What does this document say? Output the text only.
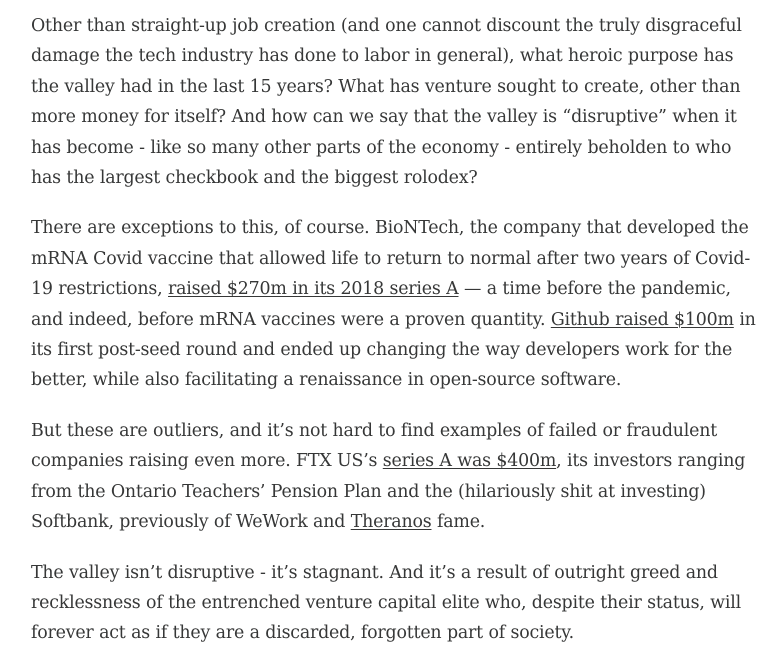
Other than straight-up job creation (and one cannot discount the truly disgraceful damage the tech industry has done to labor in general), what heroic purpose has the valley had in the last 15 years? What has venture sought to create, other than more money for itself? And how can we say that the valley is “disruptive” when it has become - like so many other parts of the economy - entirely beholden to who has the largest checkbook and the biggest rolodex?

There are exceptions to this, of course. BioNTech, the company that developed the mRNA Covid vaccine that allowed life to return to normal after two years of Covid-19 restrictions, raised $270m in its 2018 series A — a time before the pandemic, and indeed, before mRNA vaccines were a proven quantity. Github raised $100m in its first post-seed round and ended up changing the way developers work for the better, while also facilitating a renaissance in open-source software.

But these are outliers, and it’s not hard to find examples of failed or fraudulent companies raising even more. FTX US’s series A was $400m, its investors ranging from the Ontario Teachers’ Pension Plan and the (hilariously shit at investing) Softbank, previously of WeWork and Theranos fame.

The valley isn’t disruptive - it’s stagnant. And it’s a result of outright greed and recklessness of the entrenched venture capital elite who, despite their status, will forever act as if they are a discarded, forgotten part of society.
